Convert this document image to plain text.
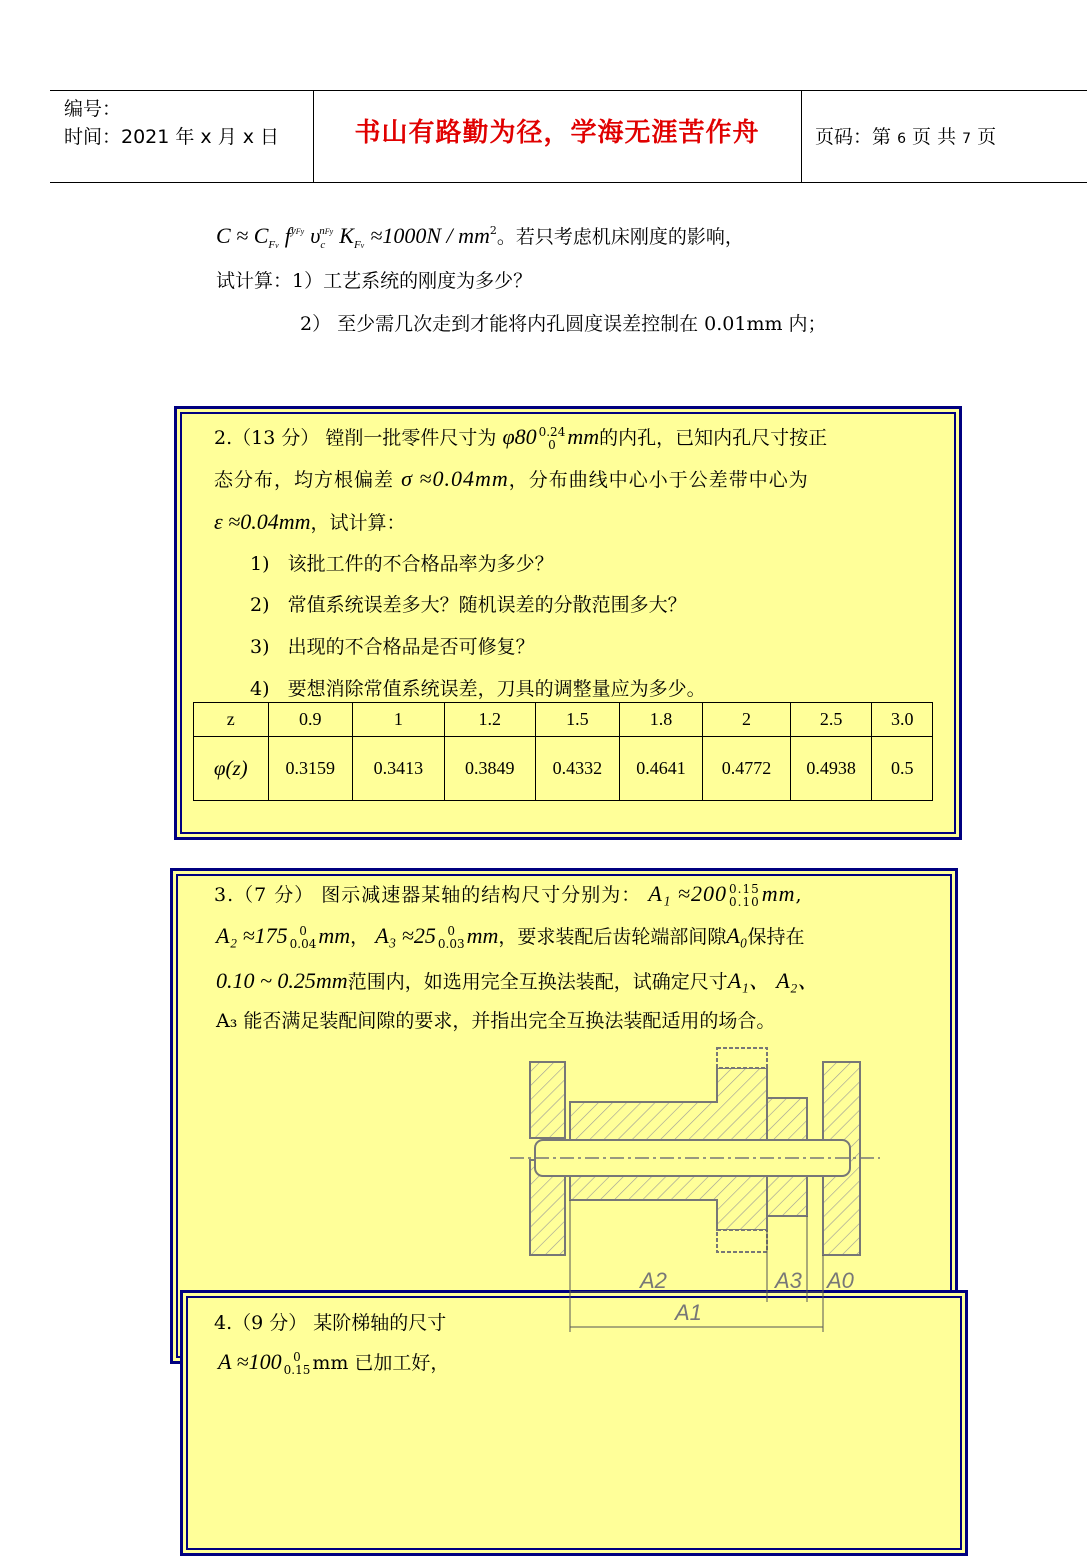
编号：
时间：2021 年 x 月 x 日	书山有路勤为径，学海无涯苦作舟	页码：第 6 页 共 7 页
$C \approx C_{Fv}$ $f^{yFy}$ $\upsilon_c^{nFy}$ $K_{Fv} \approx 1000N / mm^2$。若只考虑机床刚度的影响，
试计算：1）工艺系统的刚度为多少？
2） 至少需几次走到才能将内孔圆度误差控制在 0.01mm 内；
2.（13 分） 镗削一批零件尺寸为 φ80 0.24
0 mm的内孔，已知内孔尺寸按正
态分布，均方根偏差 σ ≈0.04mm，分布曲线中心小于公差带中心为
ε ≈0.04mm，试计算：
1) 该批工件的不合格品率为多少？
2) 常值系统误差多大？随机误差的分散范围多大？
3) 出现的不合格品是否可修复？
4) 要想消除常值系统误差，刀具的调整量应为多少。
z	0.9	1	1.2	1.5	1.8	2	2.5	3.0
φ(z)	0.3159	0.3413	0.3849	0.4332	0.4641	0.4772	0.4938	0.5
3.（7 分） 图示减速器某轴的结构尺寸分别为： A₁ ≈200 0.15
0.10mm,
A₂ ≈175 0
0.04mm， A₃ ≈25 0
0.03mm，要求装配后齿轮端部间隙A₀保持在
0.10 ~ 0.25mm范围内，如选用完全互换法装配，试确定尺寸A₁、 A₂、
A₃ 能否满足装配间隙的要求，并指出完全互换法装配适用的场合。
4.（9 分） 某阶梯轴的尺寸
A ≈100 0
0.15 mm 已加工好，
A2	A3 A0
A1
